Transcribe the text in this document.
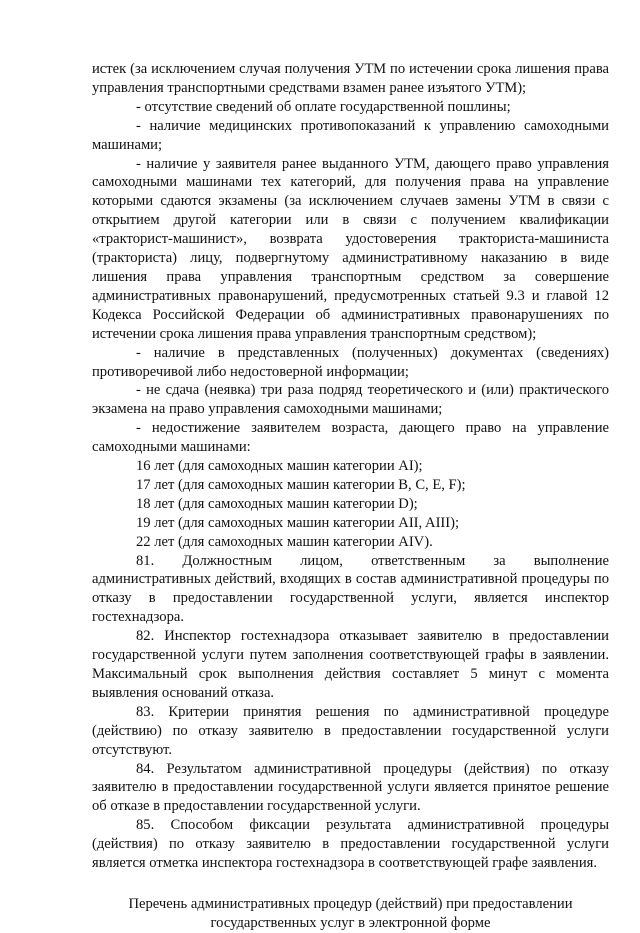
истек (за исключением случая получения УТМ по истечении срока лишения права управления транспортными средствами взамен ранее изъятого УТМ);

- отсутствие сведений об оплате государственной пошлины;

- наличие медицинских противопоказаний к управлению самоходными машинами;

- наличие у заявителя ранее выданного УТМ, дающего право управления самоходными машинами тех категорий, для получения права на управление которыми сдаются экзамены (за исключением случаев замены УТМ в связи с открытием другой категории или в связи с получением квалификации «тракторист-машинист», возврата удостоверения тракториста-машиниста (тракториста) лицу, подвергнутому административному наказанию в виде лишения права управления транспортным средством за совершение административных правонарушений, предусмотренных статьей 9.3 и главой 12 Кодекса Российской Федерации об административных правонарушениях по истечении срока лишения права управления транспортным средством);

- наличие в представленных (полученных) документах (сведениях) противоречивой либо недостоверной информации;

- не сдача (неявка) три раза подряд теоретического и (или) практического экзамена на право управления самоходными машинами;

- недостижение заявителем возраста, дающего право на управление самоходными машинами:

16 лет (для самоходных машин категории AI);

17 лет (для самоходных машин категории B, C, E, F);

18 лет (для самоходных машин категории D);

19 лет (для самоходных машин категории AII, AIII);

22 лет (для самоходных машин категории AIV).

81. Должностным лицом, ответственным за выполнение административных действий, входящих в состав административной процедуры по отказу в предоставлении государственной услуги, является инспектор гостехнадзора.

82. Инспектор гостехнадзора отказывает заявителю в предоставлении государственной услуги путем заполнения соответствующей графы в заявлении. Максимальный срок выполнения действия составляет 5 минут с момента выявления оснований отказа.

83. Критерии принятия решения по административной процедуре (действию) по отказу заявителю в предоставлении государственной услуги отсутствуют.

84. Результатом административной процедуры (действия) по отказу заявителю в предоставлении государственной услуги является принятое решение об отказе в предоставлении государственной услуги.

85. Способом фиксации результата административной процедуры (действия) по отказу заявителю в предоставлении государственной услуги является отметка инспектора гостехнадзора в соответствующей графе заявления.

Перечень административных процедур (действий) при предоставлении
государственных услуг в электронной форме
